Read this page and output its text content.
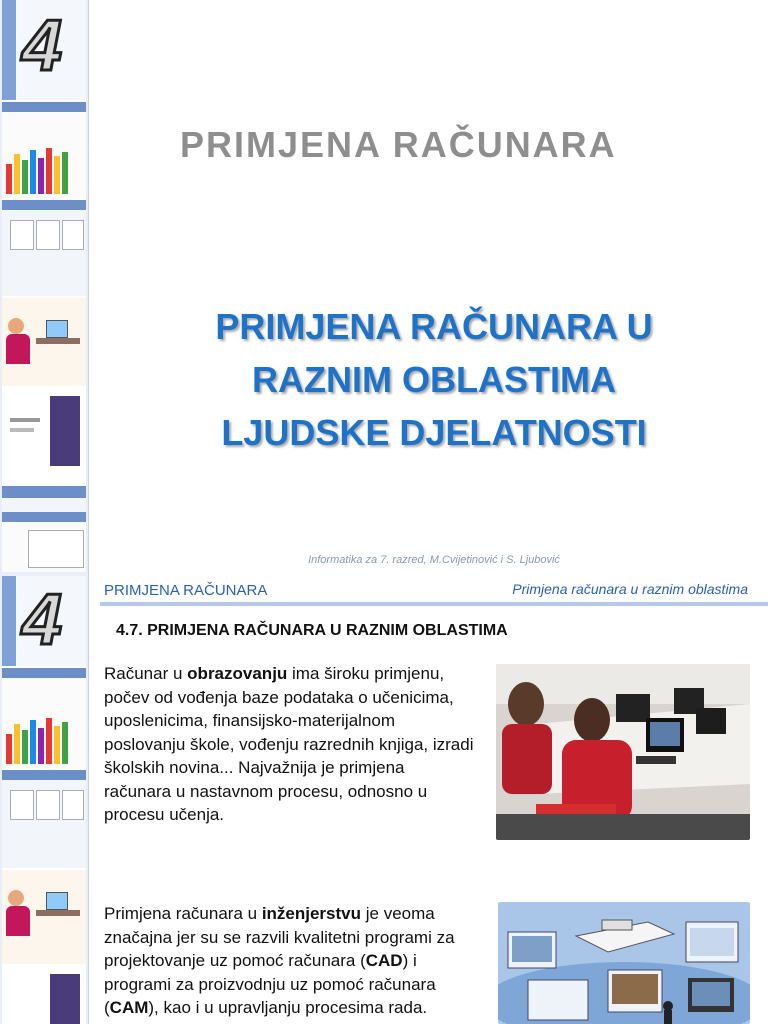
4
PRIMJENA RAČUNARA
PRIMJENA RAČUNARA U
RAZNIM OBLASTIMA
LJUDSKE DJELATNOSTI
Informatika za 7. razred, M.Cvijetinović i S. Ljubović
4	PRIMJENA RAČUNARA	Primjena računara u raznim oblastima
4.7. PRIMJENA RAČUNARA U RAZNIM OBLASTIMA
Računar u obrazovanju ima široku primjenu, počev od vođenja baze podataka o učenicima, uposlenicima, finansijsko-materijalnom poslovanju škole, vođenju razrednih knjiga, izradi školskih novina... Najvažnija je primjena računara u nastavnom procesu, odnosno u procesu učenja.
Primjena računara u inženjerstvu je veoma značajna jer su se razvili kvalitetni programi za projektovanje uz pomoć računara (CAD) i programi za proizvodnju uz pomoć računara (CAM), kao i u upravljanju procesima rada.
